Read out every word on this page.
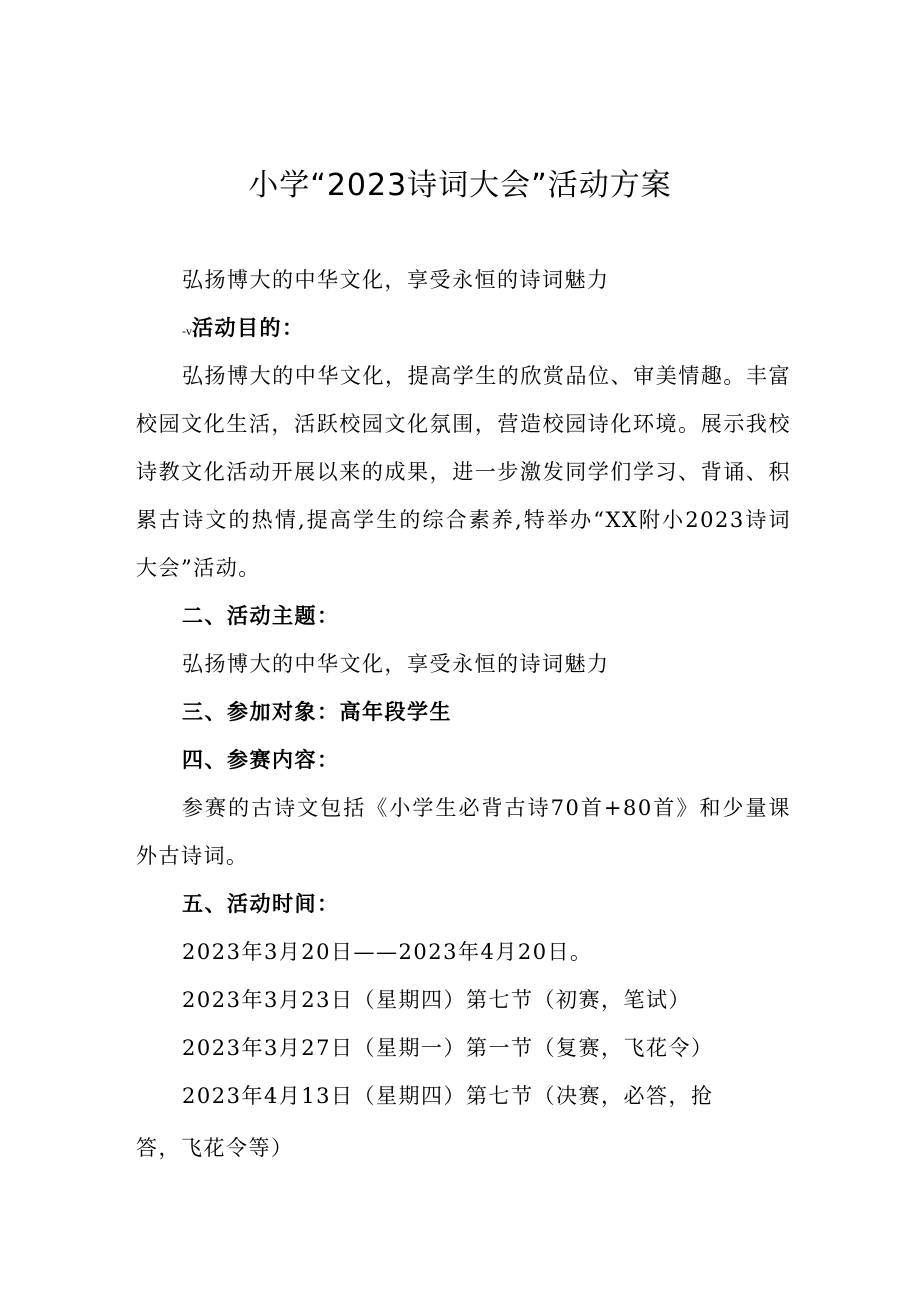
小学“2023诗词大会”活动方案

弘扬博大的中华文化，享受永恒的诗词魅力

-v活动目的：

弘扬博大的中华文化，提高学生的欣赏品位、审美情趣。丰富校园文化生活，活跃校园文化氛围，营造校园诗化环境。展示我校诗教文化活动开展以来的成果，进一步激发同学们学习、背诵、积累古诗文的热情,提高学生的综合素养,特举办“XX附小2023诗词大会”活动。

二、活动主题：

弘扬博大的中华文化，享受永恒的诗词魅力

三、参加对象：高年段学生

四、参赛内容：

参赛的古诗文包括《小学生必背古诗70首+80首》和少量课外古诗词。

五、活动时间：

2023年3月20日——2023年4月20日。

2023年3月23日（星期四）第七节（初赛，笔试）

2023年3月27日（星期一）第一节（复赛，飞花令）

2023年4月13日（星期四）第七节（决赛，必答，抢

答，飞花令等）
